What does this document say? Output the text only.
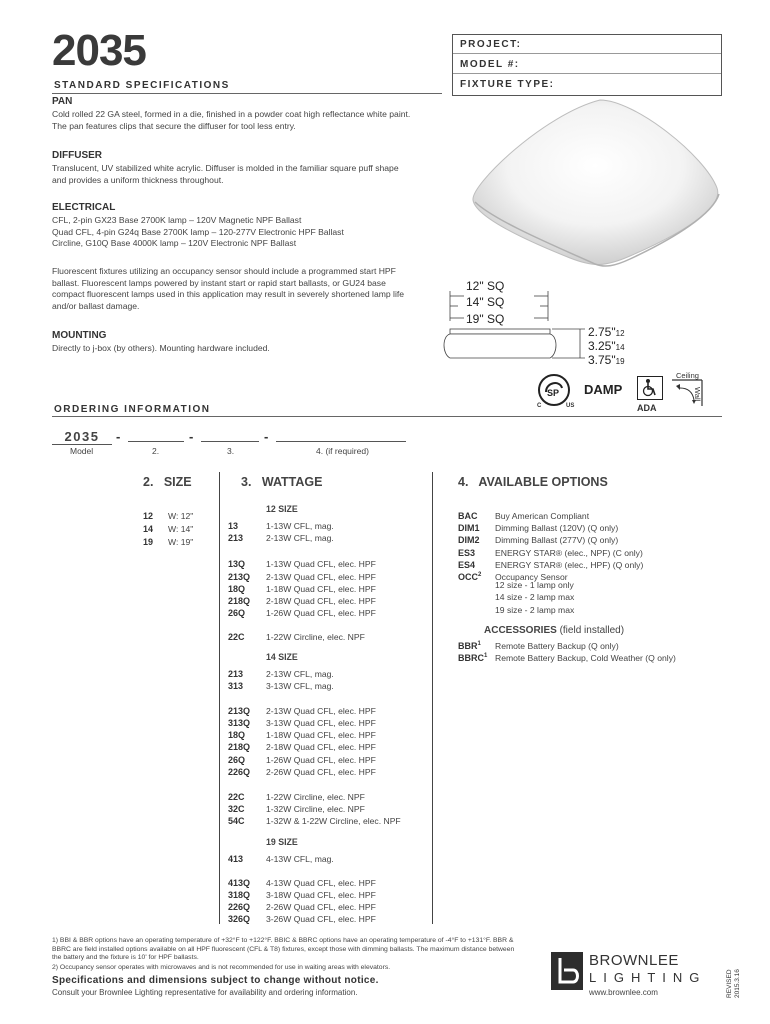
2035
STANDARD SPECIFICATIONS
PROJECT:
MODEL #:
FIXTURE TYPE:
PAN
Cold rolled 22 GA steel, formed in a die, finished in a powder coat high reflectance white paint.
The pan features clips that secure the diffuser for tool less entry.
DIFFUSER
Translucent, UV stabilized white acrylic. Diffuser is molded in the familiar square puff shape
and provides a uniform thickness throughout.
ELECTRICAL
CFL, 2-pin GX23 Base 2700K lamp – 120V Magnetic NPF Ballast
Quad CFL, 4-pin G24q Base 2700K lamp – 120-277V Electronic HPF Ballast
Circline, G10Q Base 4000K lamp – 120V Electronic NPF Ballast
Fluorescent fixtures utilizing an occupancy sensor should include a programmed start HPF
ballast. Fluorescent lamps powered by instant start or rapid start ballasts, or GU24 base
compact fluorescent lamps used in this application may result in severely shortened lamp life
and/or ballast damage.
MOUNTING
Directly to j-box (by others). Mounting hardware included.
12" SQ
14" SQ
19" SQ
2.75"12
3.25"14
3.75"19
SP
C	US
DAMP
ADA
Ceiling
Wall
ORDERING INFORMATION
2035	-	-	-
Model	2.	3.	4. (if required)
2.   SIZE
12 W: 12"
14 W: 14"
19 W: 19"
3.   WATTAGE
12 SIZE
13	1-13W CFL, mag.
213	2-13W CFL, mag.
13Q 1-13W Quad CFL, elec. HPF
213Q 2-13W Quad CFL, elec. HPF
18Q 1-18W Quad CFL, elec. HPF
218Q 2-18W Quad CFL, elec. HPF
26Q 1-26W Quad CFL, elec. HPF
22C 1-22W Circline, elec. NPF
14 SIZE
213	2-13W CFL, mag.
313	3-13W CFL, mag.
213Q 2-13W Quad CFL, elec. HPF
313Q 3-13W Quad CFL, elec. HPF
18Q 1-18W Quad CFL, elec. HPF
218Q 2-18W Quad CFL, elec. HPF
26Q 1-26W Quad CFL, elec. HPF
226Q 2-26W Quad CFL, elec. HPF
22C 1-22W Circline, elec. NPF
32C 1-32W Circline, elec. NPF
54C 1-32W & 1-22W Circline, elec. NPF
19 SIZE
413	4-13W CFL, mag.
413Q 4-13W Quad CFL, elec. HPF
318Q 3-18W Quad CFL, elec. HPF
226Q 2-26W Quad CFL, elec. HPF
326Q 3-26W Quad CFL, elec. HPF
4.   AVAILABLE OPTIONS
BAC Buy American Compliant
DIM1 Dimming Ballast (120V) (Q only)
DIM2 Dimming Ballast (277V) (Q only)
ES3 ENERGY STAR® (elec., NPF) (C only)
ES4 ENERGY STAR® (elec., HPF) (Q only)
OCC$^2$ Occupancy Sensor
12 size - 1 lamp only
14 size - 2 lamp max
19 size - 2 lamp max
ACCESSORIES (field installed)
BBR$^1$ Remote Battery Backup (Q only)
BBRC$^1$ Remote Battery Backup, Cold Weather (Q only)
1) BBI & BBR options have an operating temperature of +32°F to +122°F. BBIC & BBRC options have an operating temperature of -4°F to +131°F. BBR &
BBRC are field installed options available on all HPF fluorescent (CFL & T8) fixtures, except those with dimming ballasts. The maximum distance between
the battery and the fixture is 10' for HPF ballasts.
2) Occupancy sensor operates with microwaves and is not recommended for use in waiting areas with elevators.
Specifications and dimensions subject to change without notice.
Consult your Brownlee Lighting representative for availability and ordering information.
BROWNLEE
LIGHTING
www.brownlee.com	REVISED 2015.3.16
